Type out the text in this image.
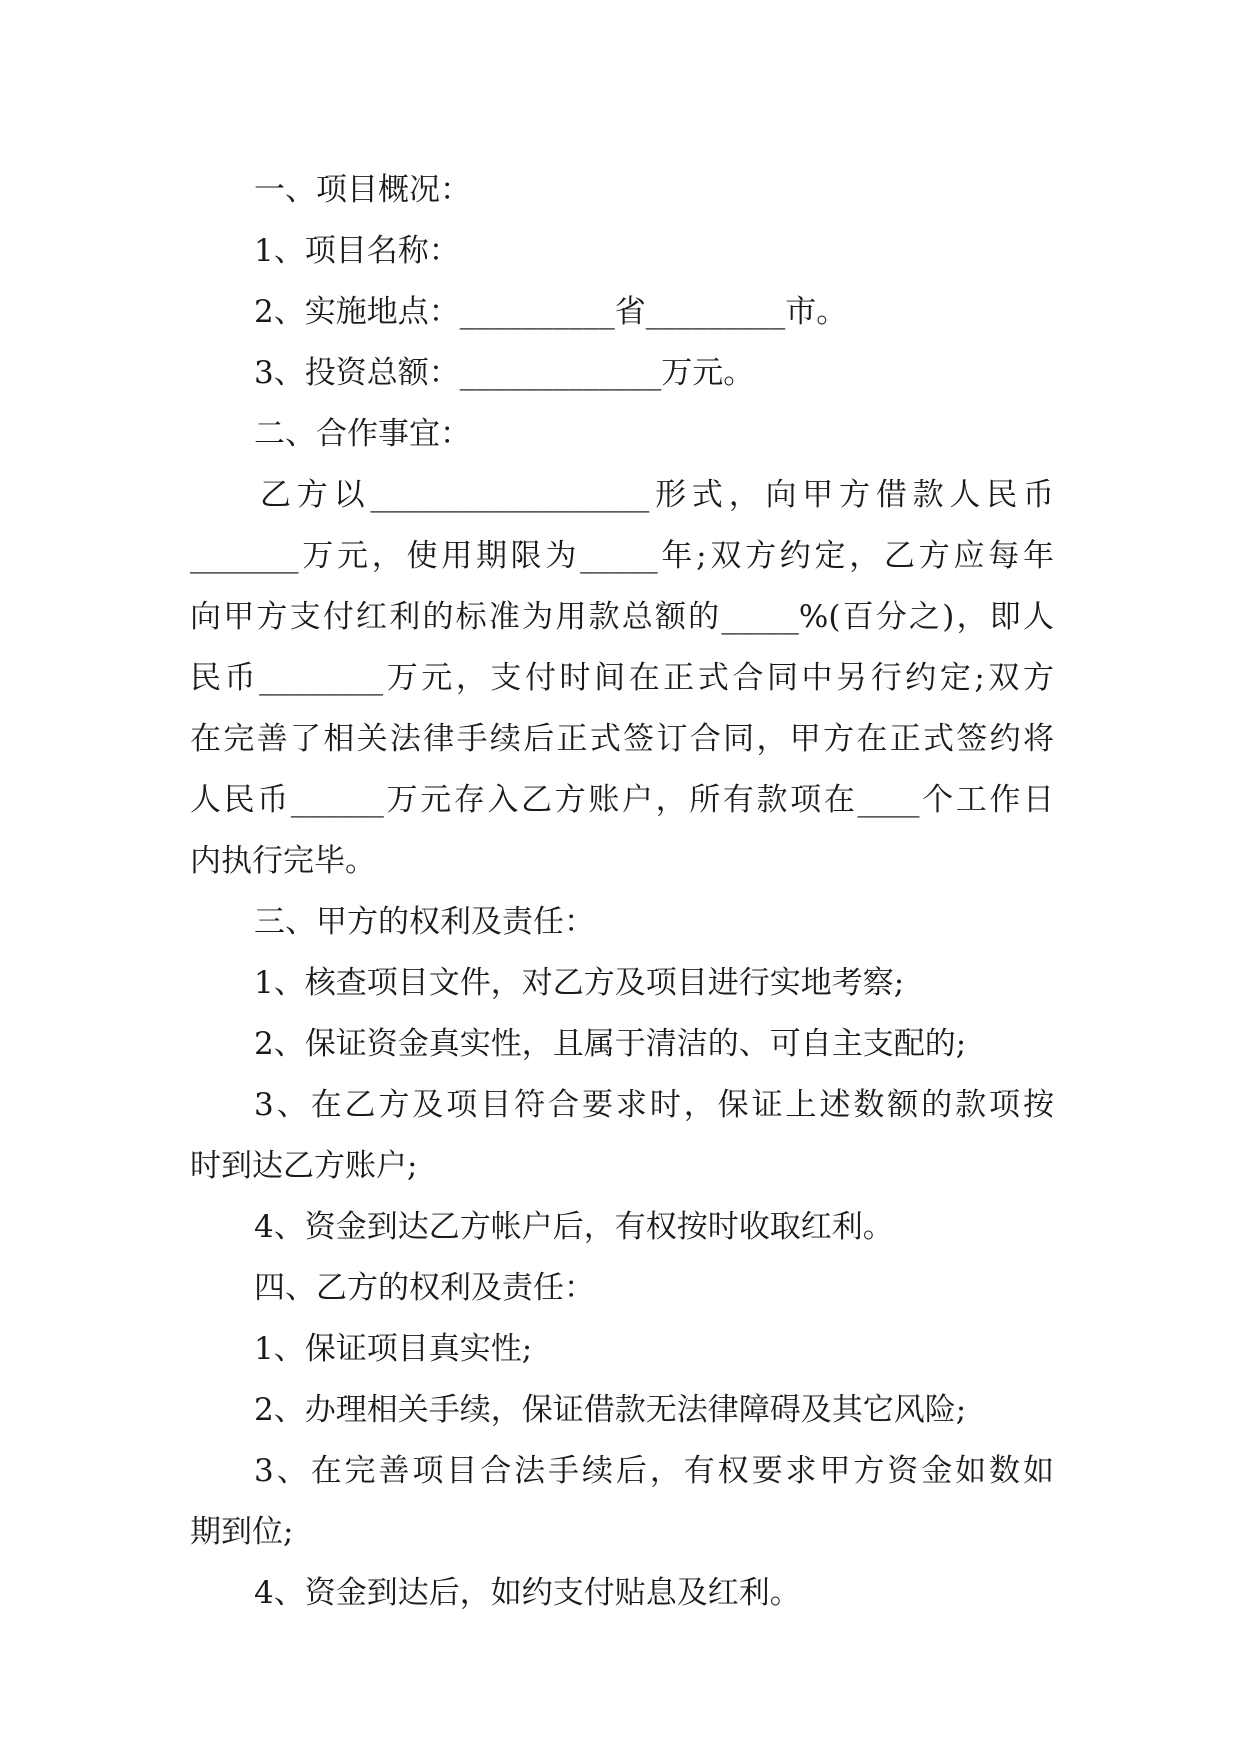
一、项目概况：
1、项目名称：
2、实施地点：__________省_________市。
3、投资总额：_____________万元。
二、合作事宜：
乙方以__________________形式，向甲方借款人民币
_______万元，使用期限为_____年;双方约定，乙方应每年
向甲方支付红利的标准为用款总额的_____%(百分之)，即人
民币________万元，支付时间在正式合同中另行约定;双方
在完善了相关法律手续后正式签订合同，甲方在正式签约将
人民币______万元存入乙方账户，所有款项在____个工作日
内执行完毕。
三、甲方的权利及责任：
1、核查项目文件，对乙方及项目进行实地考察;
2、保证资金真实性，且属于清洁的、可自主支配的;
3、在乙方及项目符合要求时，保证上述数额的款项按
时到达乙方账户;
4、资金到达乙方帐户后，有权按时收取红利。
四、乙方的权利及责任：
1、保证项目真实性;
2、办理相关手续，保证借款无法律障碍及其它风险;
3、在完善项目合法手续后，有权要求甲方资金如数如
期到位;
4、资金到达后，如约支付贴息及红利。
